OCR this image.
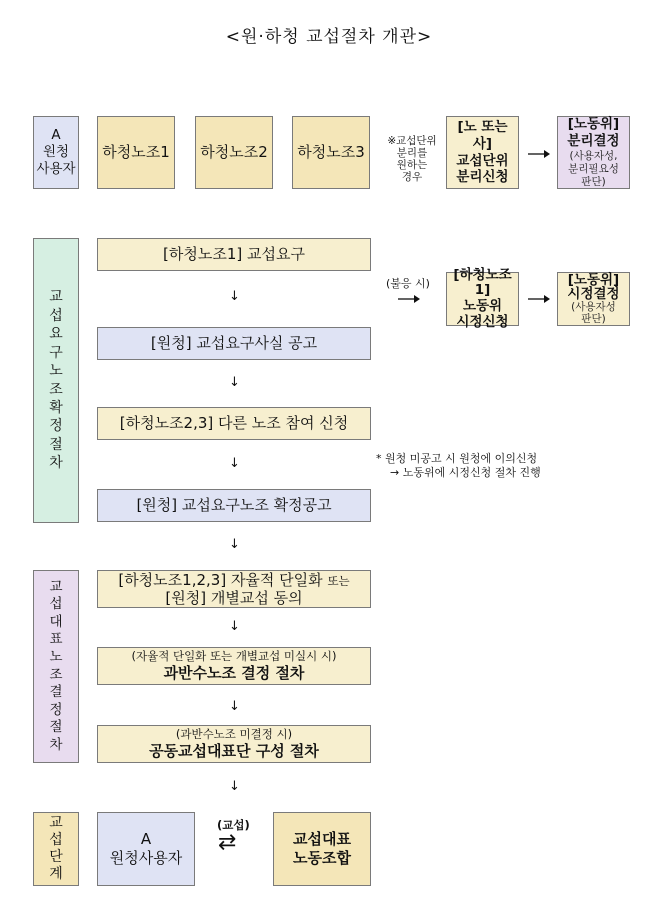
<원·하청 교섭절차 개관>
A
원청
사용자
하청노조1 하청노조2 하청노조3
※교섭단위
분리를
원하는
경우
[노 또는 사]
교섭단위
분리신청
[노동위]
분리결정
(사용자성,
분리필요성
판단)
교섭요구노조 확정절차
[하청노조1] 교섭요구
↓
[원청] 교섭요구사실 공고
↓
[하청노조2,3] 다른 노조 참여 신청
↓
[원청] 교섭요구노조 확정공고
(불응 시)
[하청노조1]
노동위
시정신청
[노동위]
시정결정
(사용자성
판단)
* 원청 미공고 시 원청에 이의신청
→ 노동위에 시정신청 절차 진행
↓
교섭대표노조 결정절차
[하청노조1,2,3] 자율적 단일화 또는
[원청] 개별교섭 동의
↓
(자율적 단일화 또는 개별교섭 미실시 시)
과반수노조 결정 절차
↓
(과반수노조 미결정 시)
공동교섭대표단 구성 절차
↓
교섭단계
A
원청사용자
(교섭)
⇄	교섭대표
노동조합
